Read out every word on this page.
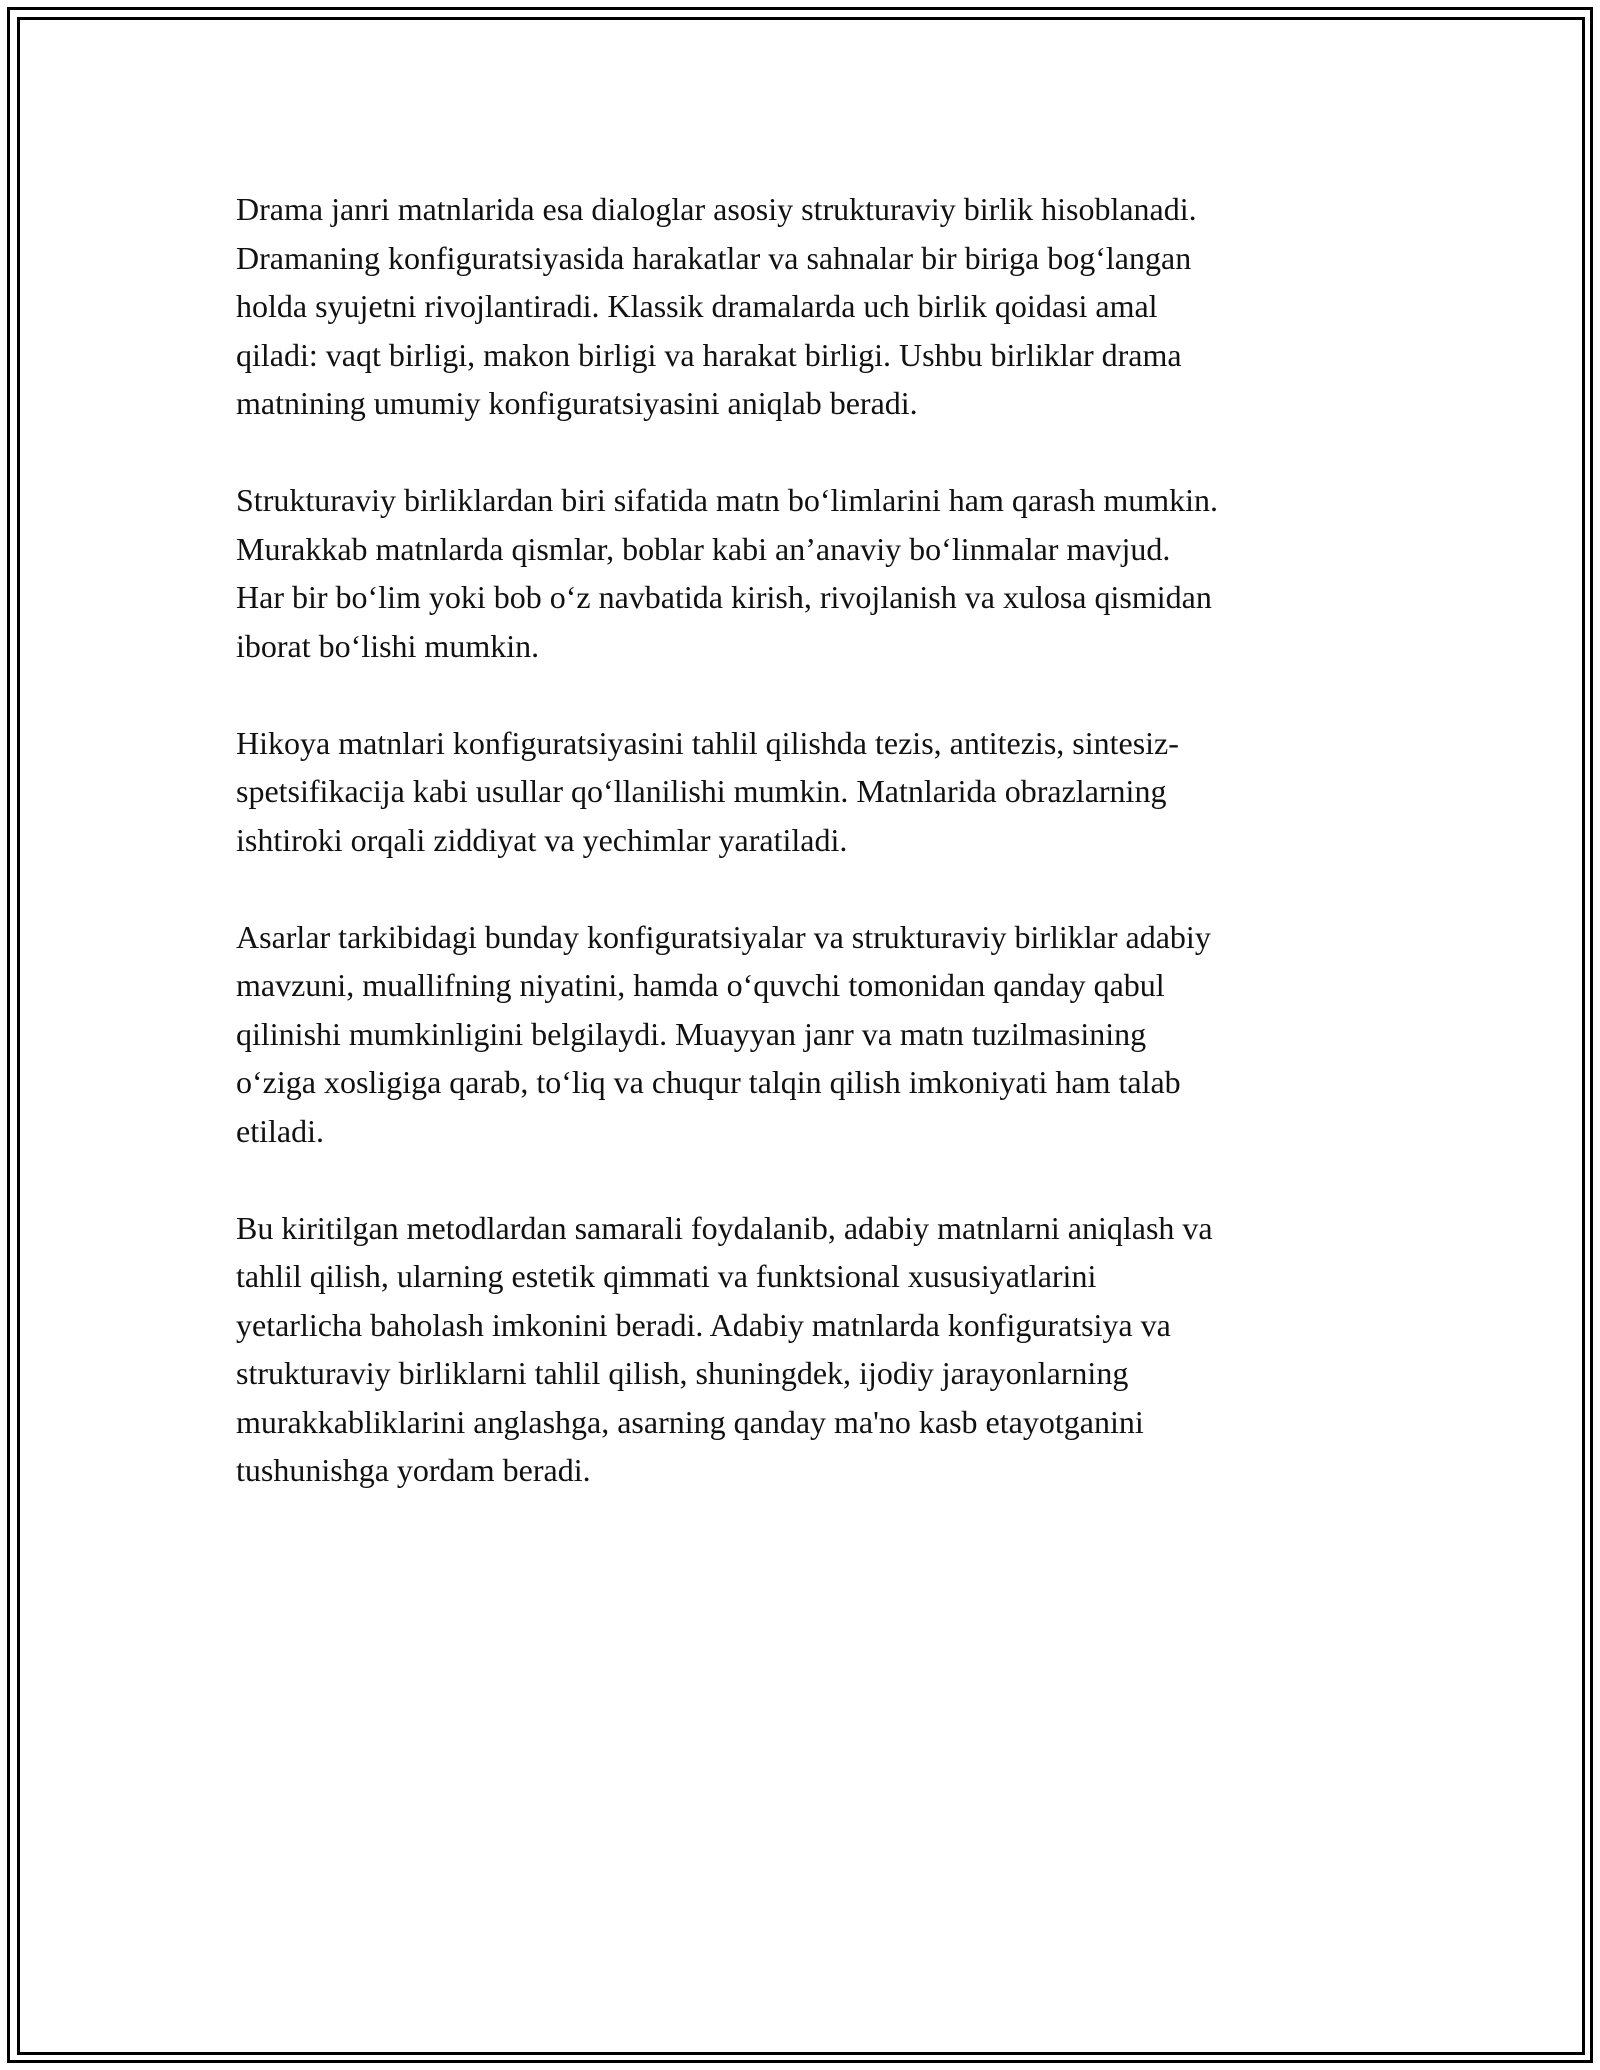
Drama janri matnlarida esa dialoglar asosiy strukturaviy birlik hisoblanadi.
Dramaning konfiguratsiyasida harakatlar va sahnalar bir biriga bog‘langan
holda syujetni rivojlantiradi. Klassik dramalarda uch birlik qoidasi amal
qiladi: vaqt birligi, makon birligi va harakat birligi. Ushbu birliklar drama
matnining umumiy konfiguratsiyasini aniqlab beradi.

Strukturaviy birliklardan biri sifatida matn bo‘limlarini ham qarash mumkin.
Murakkab matnlarda qismlar, boblar kabi an’anaviy bo‘linmalar mavjud.
Har bir bo‘lim yoki bob o‘z navbatida kirish, rivojlanish va xulosa qismidan
iborat bo‘lishi mumkin.

Hikoya matnlari konfiguratsiyasini tahlil qilishda tezis, antitezis, sintesiz-
spetsifikacija kabi usullar qo‘llanilishi mumkin. Matnlarida obrazlarning
ishtiroki orqali ziddiyat va yechimlar yaratiladi.

Asarlar tarkibidagi bunday konfiguratsiyalar va strukturaviy birliklar adabiy
mavzuni, muallifning niyatini, hamda o‘quvchi tomonidan qanday qabul
qilinishi mumkinligini belgilaydi. Muayyan janr va matn tuzilmasining
o‘ziga xosligiga qarab, to‘liq va chuqur talqin qilish imkoniyati ham talab
etiladi.

Bu kiritilgan metodlardan samarali foydalanib, adabiy matnlarni aniqlash va
tahlil qilish, ularning estetik qimmati va funktsional xususiyatlarini
yetarlicha baholash imkonini beradi. Adabiy matnlarda konfiguratsiya va
strukturaviy birliklarni tahlil qilish, shuningdek, ijodiy jarayonlarning
murakkabliklarini anglashga, asarning qanday ma'no kasb etayotganini
tushunishga yordam beradi.
